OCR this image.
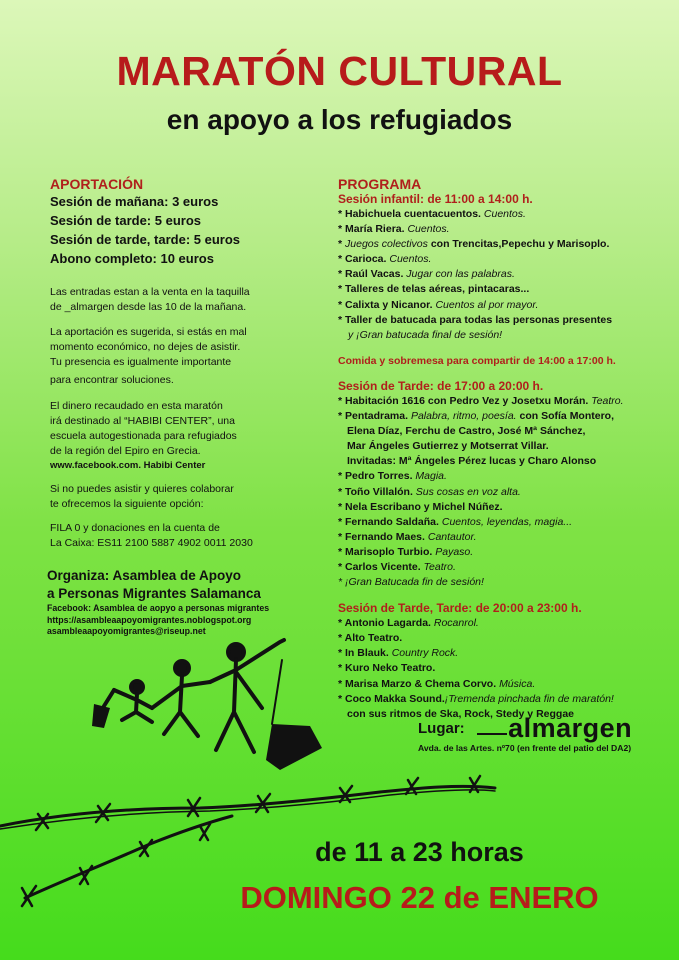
MARATÓN CULTURAL
en apoyo a los refugiados
APORTACIÓN
Sesión de mañana: 3 euros
Sesión de tarde: 5 euros
Sesión de tarde, tarde: 5 euros
Abono completo: 10 euros
Las entradas estan a la venta en la taquilla
de _almargen desde las 10 de la mañana.
La aportación es sugerida, si estás en mal
momento económico, no dejes de asistir.
Tu presencia es igualmente importante
para encontrar soluciones.
El dinero recaudado en esta maratón
irá destinado al “HABIBI CENTER”, una
escuela autogestionada para refugiados
de la región del Epiro en Grecia.
www.facebook.com. Habibi Center
Si no puedes asistir y quieres colaborar
te ofrecemos la siguiente opción:
FILA 0 y donaciones en la cuenta de
La Caixa: ES11 2100 5887 4902 0011 2030
Organiza: Asamblea de Apoyo
a Personas Migrantes Salamanca
Facebook: Asamblea de aopyo a personas migrantes
https://asambleaapoyomigrantes.noblogspot.org
asambleaapoyomigrantes@riseup.net
PROGRAMA
Sesión infantil: de 11:00 a 14:00 h.
* Habichuela cuentacuentos. Cuentos.
* María Riera. Cuentos.
* Juegos colectivos con Trencitas,Pepechu y Marisoplo.
* Carioca. Cuentos.
* Raúl Vacas. Jugar con las palabras.
* Talleres de telas aéreas, pintacaras...
* Calixta y Nicanor. Cuentos al por mayor.
* Taller de batucada para todas las personas presentes
y ¡Gran batucada final de sesión!
Comida y sobremesa para compartir de 14:00 a 17:00 h.
Sesión de Tarde: de 17:00 a 20:00 h.
* Habitación 1616 con Pedro Vez y Josetxu Morán. Teatro.
* Pentadrama. Palabra, ritmo, poesía. con Sofía Montero,
Elena Díaz, Ferchu de Castro, José Mª Sánchez,
Mar Ángeles Gutierrez y Motserrat Villar.
Invitadas: Mª Ángeles Pérez lucas y Charo Alonso
* Pedro Torres. Magia.
* Toño Villalón. Sus cosas en voz alta.
* Nela Escribano y Michel Núñez.
* Fernando Saldaña. Cuentos, leyendas, magia...
* Fernando Maes. Cantautor.
* Marisoplo Turbio. Payaso.
* Carlos Vicente. Teatro.
* ¡Gran Batucada fin de sesión!
Sesión de Tarde, Tarde: de 20:00 a 23:00 h.
* Antonio Lagarda. Rocanrol.
* Alto Teatro.
* In Blauk. Country Rock.
* Kuro Neko Teatro.
* Marisa Marzo & Chema Corvo. Música.
* Coco Makka Sound.¡Tremenda pinchada fin de maratón!
con sus ritmos de Ska, Rock, Stedy y Reggae
Lugar: almargen
Avda. de las Artes. nº70 (en frente del patio del DA2)
de 11 a 23 horas
DOMINGO 22 de ENERO
